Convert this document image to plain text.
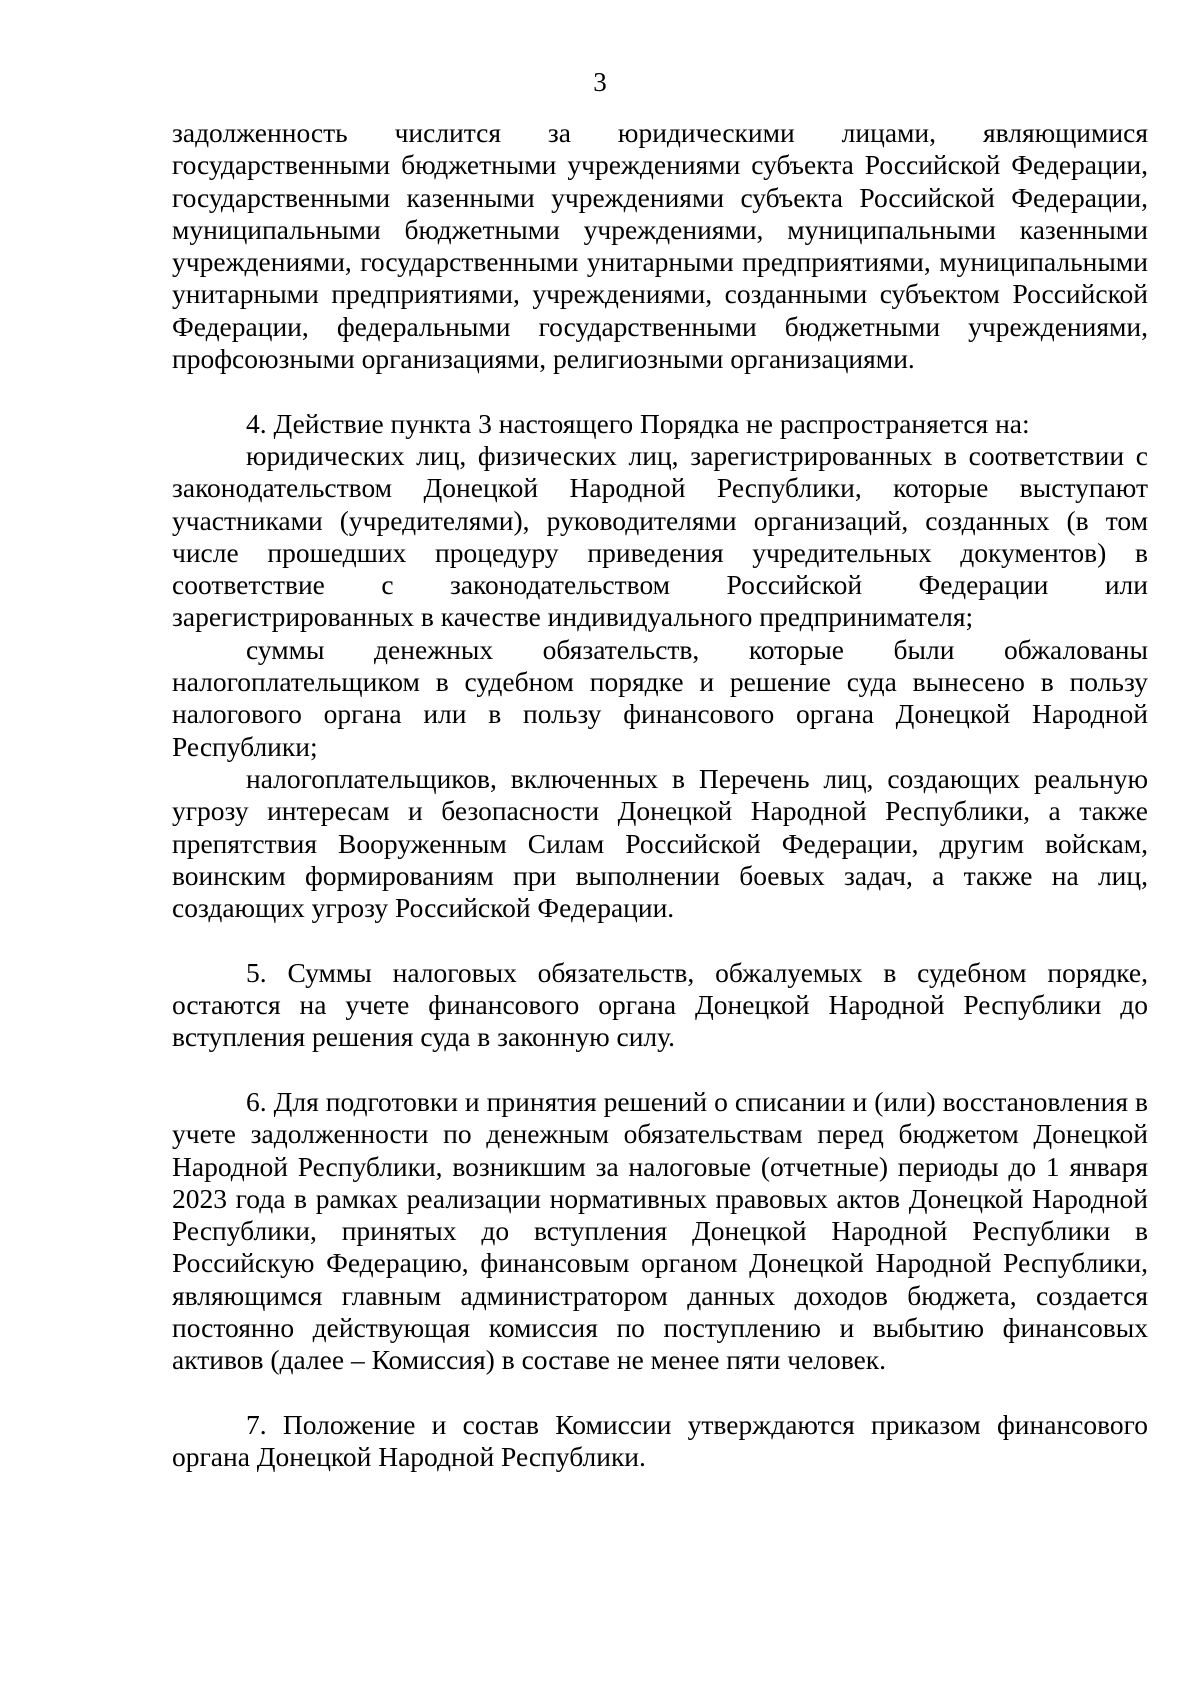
3

задолженность числится за юридическими лицами, являющимися государственными бюджетными учреждениями субъекта Российской Федерации, государственными казенными учреждениями субъекта Российской Федерации, муниципальными бюджетными учреждениями, муниципальными казенными учреждениями, государственными унитарными предприятиями, муниципальными унитарными предприятиями, учреждениями, созданными субъектом Российской Федерации, федеральными государственными бюджетными учреждениями, профсоюзными организациями, религиозными организациями.

4. Действие пункта 3 настоящего Порядка не распространяется на:

юридических лиц, физических лиц, зарегистрированных в соответствии с законодательством Донецкой Народной Республики, которые выступают участниками (учредителями), руководителями организаций, созданных (в том числе прошедших процедуру приведения учредительных документов) в соответствие с законодательством Российской Федерации или зарегистрированных в качестве индивидуального предпринимателя;

суммы денежных обязательств, которые были обжалованы налогоплательщиком в судебном порядке и решение суда вынесено в пользу налогового органа или в пользу финансового органа Донецкой Народной Республики;

налогоплательщиков, включенных в Перечень лиц, создающих реальную угрозу интересам и безопасности Донецкой Народной Республики, а также препятствия Вооруженным Силам Российской Федерации, другим войскам, воинским формированиям при выполнении боевых задач, а также на лиц, создающих угрозу Российской Федерации.

5. Суммы налоговых обязательств, обжалуемых в судебном порядке, остаются на учете финансового органа Донецкой Народной Республики до вступления решения суда в законную силу.

6. Для подготовки и принятия решений о списании и (или) восстановления в учете задолженности по денежным обязательствам перед бюджетом Донецкой Народной Республики, возникшим за налоговые (отчетные) периоды до 1 января 2023 года в рамках реализации нормативных правовых актов Донецкой Народной Республики, принятых до вступления Донецкой Народной Республики в Российскую Федерацию, финансовым органом Донецкой Народной Республики, являющимся главным администратором данных доходов бюджета, создается постоянно действующая комиссия по поступлению и выбытию финансовых активов (далее – Комиссия) в составе не менее пяти человек.

7. Положение и состав Комиссии утверждаются приказом финансового органа Донецкой Народной Республики.
